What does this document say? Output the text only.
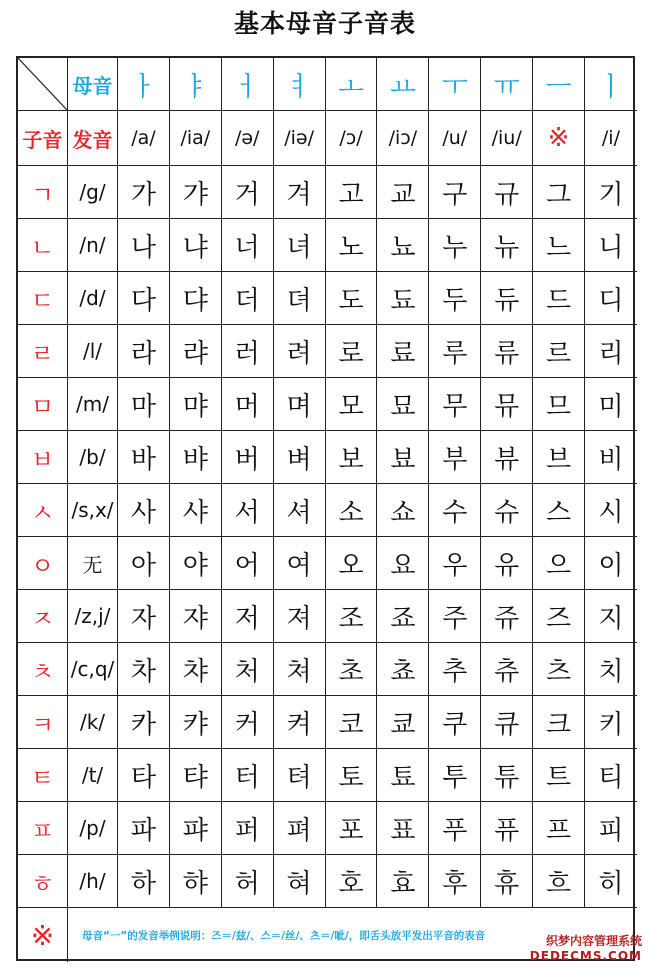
基本母音子音表
母音 ㅏ ㅑ ㅓ ㅕ ㅗ ㅛ ㅜ ㅠ ㅡ ㅣ
子音 发音 /a/	/ia/	/ə/	/iə/	/ɔ/	/iɔ/	/u/	/iu/ ※	/i/
ㄱ	/g/ 가	갸	거	겨	고	교	구	규	그	기
ㄴ	/n/ 나	냐	너	녀	노	뇨	누	뉴	느	니
ㄷ	/d/ 다	댜	더	뎌	도	됴	두	듀	드	디
ㄹ	/l/	라	랴	러	려	로	료	루	류	르	리
ㅁ	/m/ 마	먀	머	며	모	묘	무	뮤	므	미
ㅂ	/b/ 바	뱌	버	벼	보	뵤	부	뷰	브	비
ㅅ /s,x/ 사	샤	서	셔	소	쇼	수	슈	스	시
ㅇ	无	아	야	어	여	오	요	우	유	으	이
ㅈ	/z,j/ 자	쟈	저	져	조	죠	주	쥬	즈	지
ㅊ /c,q/ 차	챠	처	쳐	초	쵸	추	츄	츠	치
ㅋ	/k/ 카	캬	커	켜	코	쿄	쿠	큐	크	키
ㅌ	/t/	타	탸	터	텨	토	툐	투	튜	트	티
ㅍ	/p/ 파	퍄	퍼	펴	포	표	푸	퓨	프	피
ㅎ	/h/ 하	햐	허	혀	호	효	후	휴	흐	히
※	母音“一”的发音举例说明：즈＝/兹/、스＝/丝/、츠＝/呲/，即舌头放平发出平音的表音	织梦内容管理系统
DEDECMS.COM
